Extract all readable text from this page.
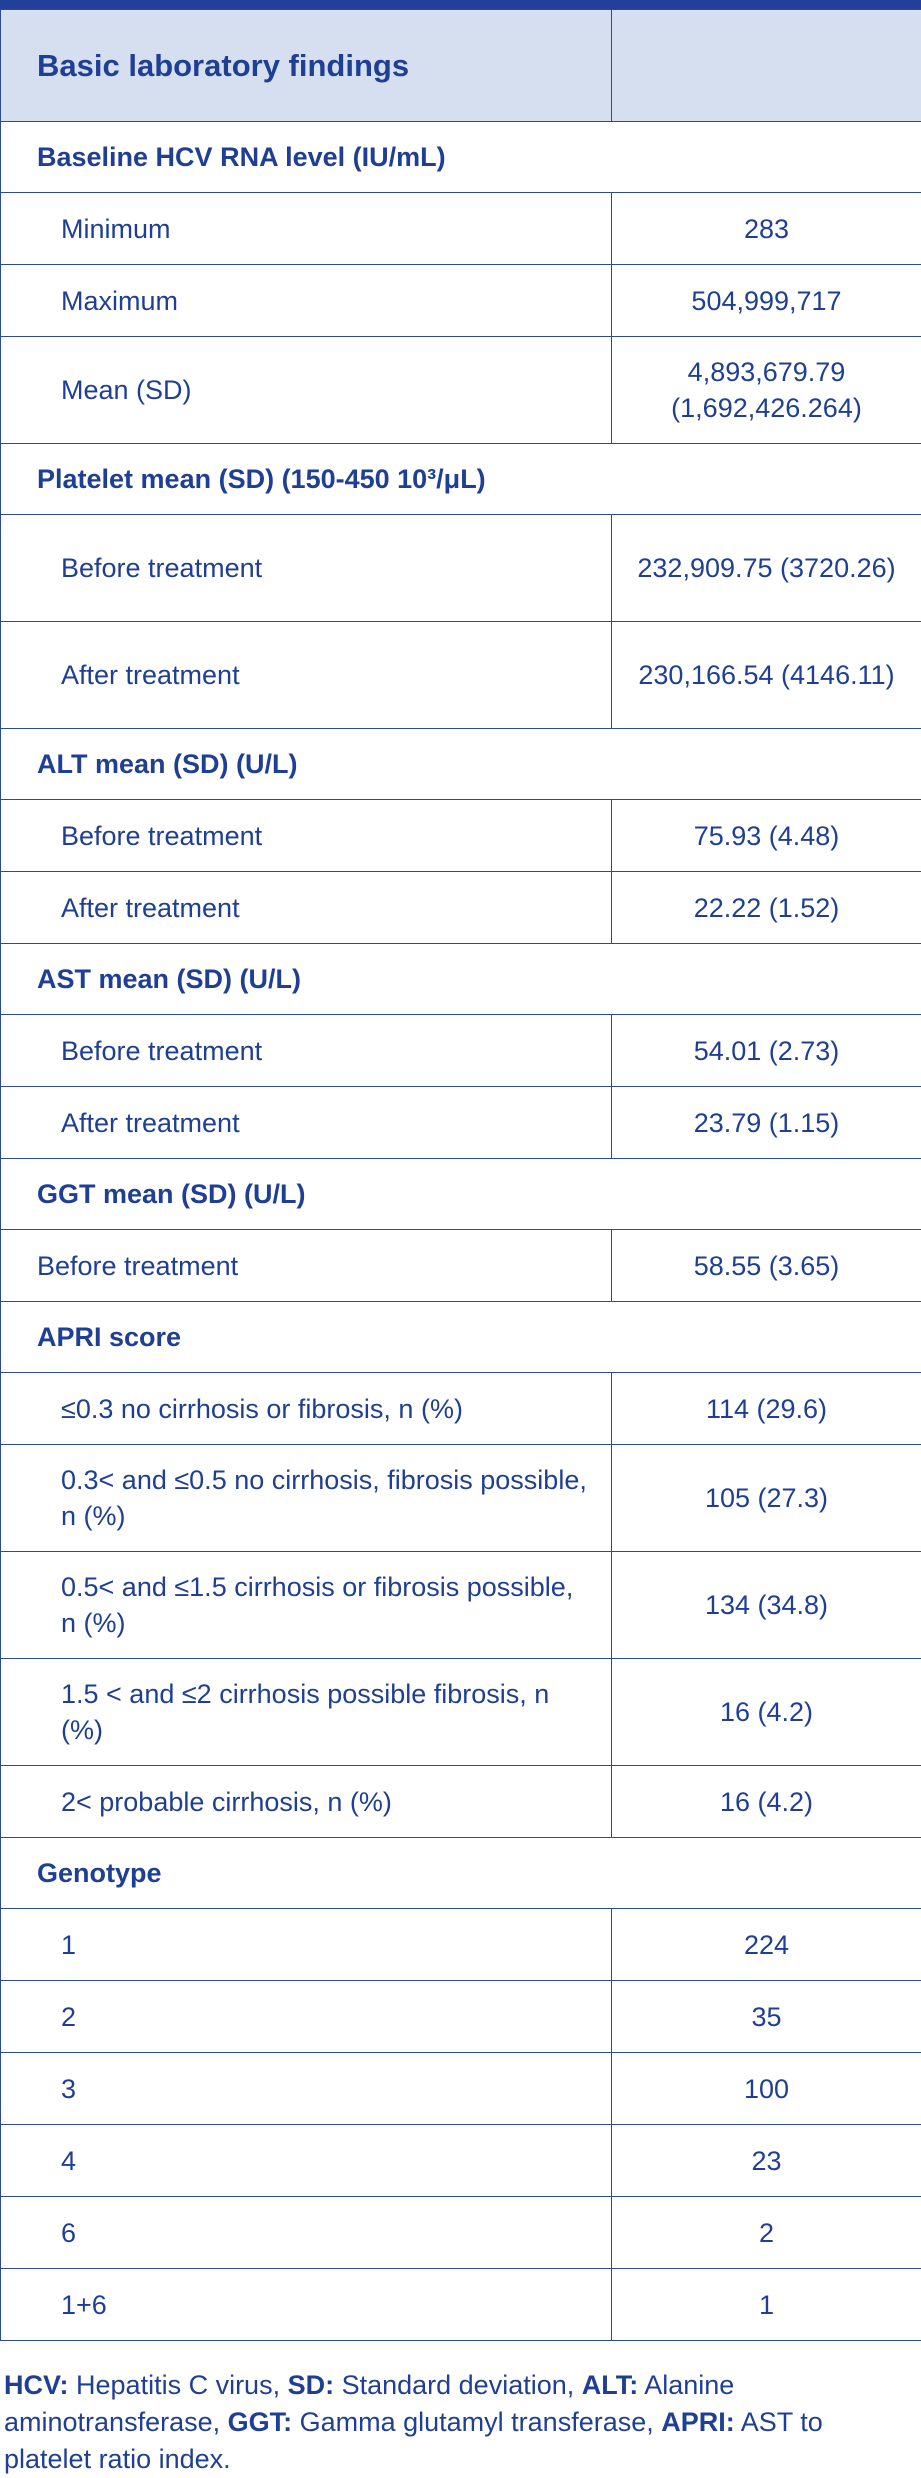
Basic laboratory findings	
Baseline HCV RNA level (IU/mL)	
Minimum	283
Maximum	504,999,717
Mean (SD)	4,893,679.79 (1,692,426.264)
Platelet mean (SD) (150-450 10³/μL)	
Before treatment	232,909.75 (3720.26)
After treatment	230,166.54 (4146.11)
ALT mean (SD) (U/L)	
Before treatment	75.93 (4.48)
After treatment	22.22 (1.52)
AST mean (SD) (U/L)	
Before treatment	54.01 (2.73)
After treatment	23.79 (1.15)
GGT mean (SD) (U/L)	
Before treatment	58.55 (3.65)
APRI score	
≤0.3 no cirrhosis or fibrosis, n (%)	114 (29.6)
0.3< and ≤0.5 no cirrhosis, fibrosis possible, n (%)	105 (27.3)
0.5< and ≤1.5 cirrhosis or fibrosis possible, n (%)	134 (34.8)
1.5 < and ≤2 cirrhosis possible fibrosis, n (%)	16 (4.2)
2< probable cirrhosis, n (%)	16 (4.2)
Genotype	
1	224
2	35
3	100
4	23
6	2
1+6	1
HCV: Hepatitis C virus, SD: Standard deviation, ALT: Alanine aminotransferase, GGT: Gamma glutamyl transferase, APRI: AST to platelet ratio index.
